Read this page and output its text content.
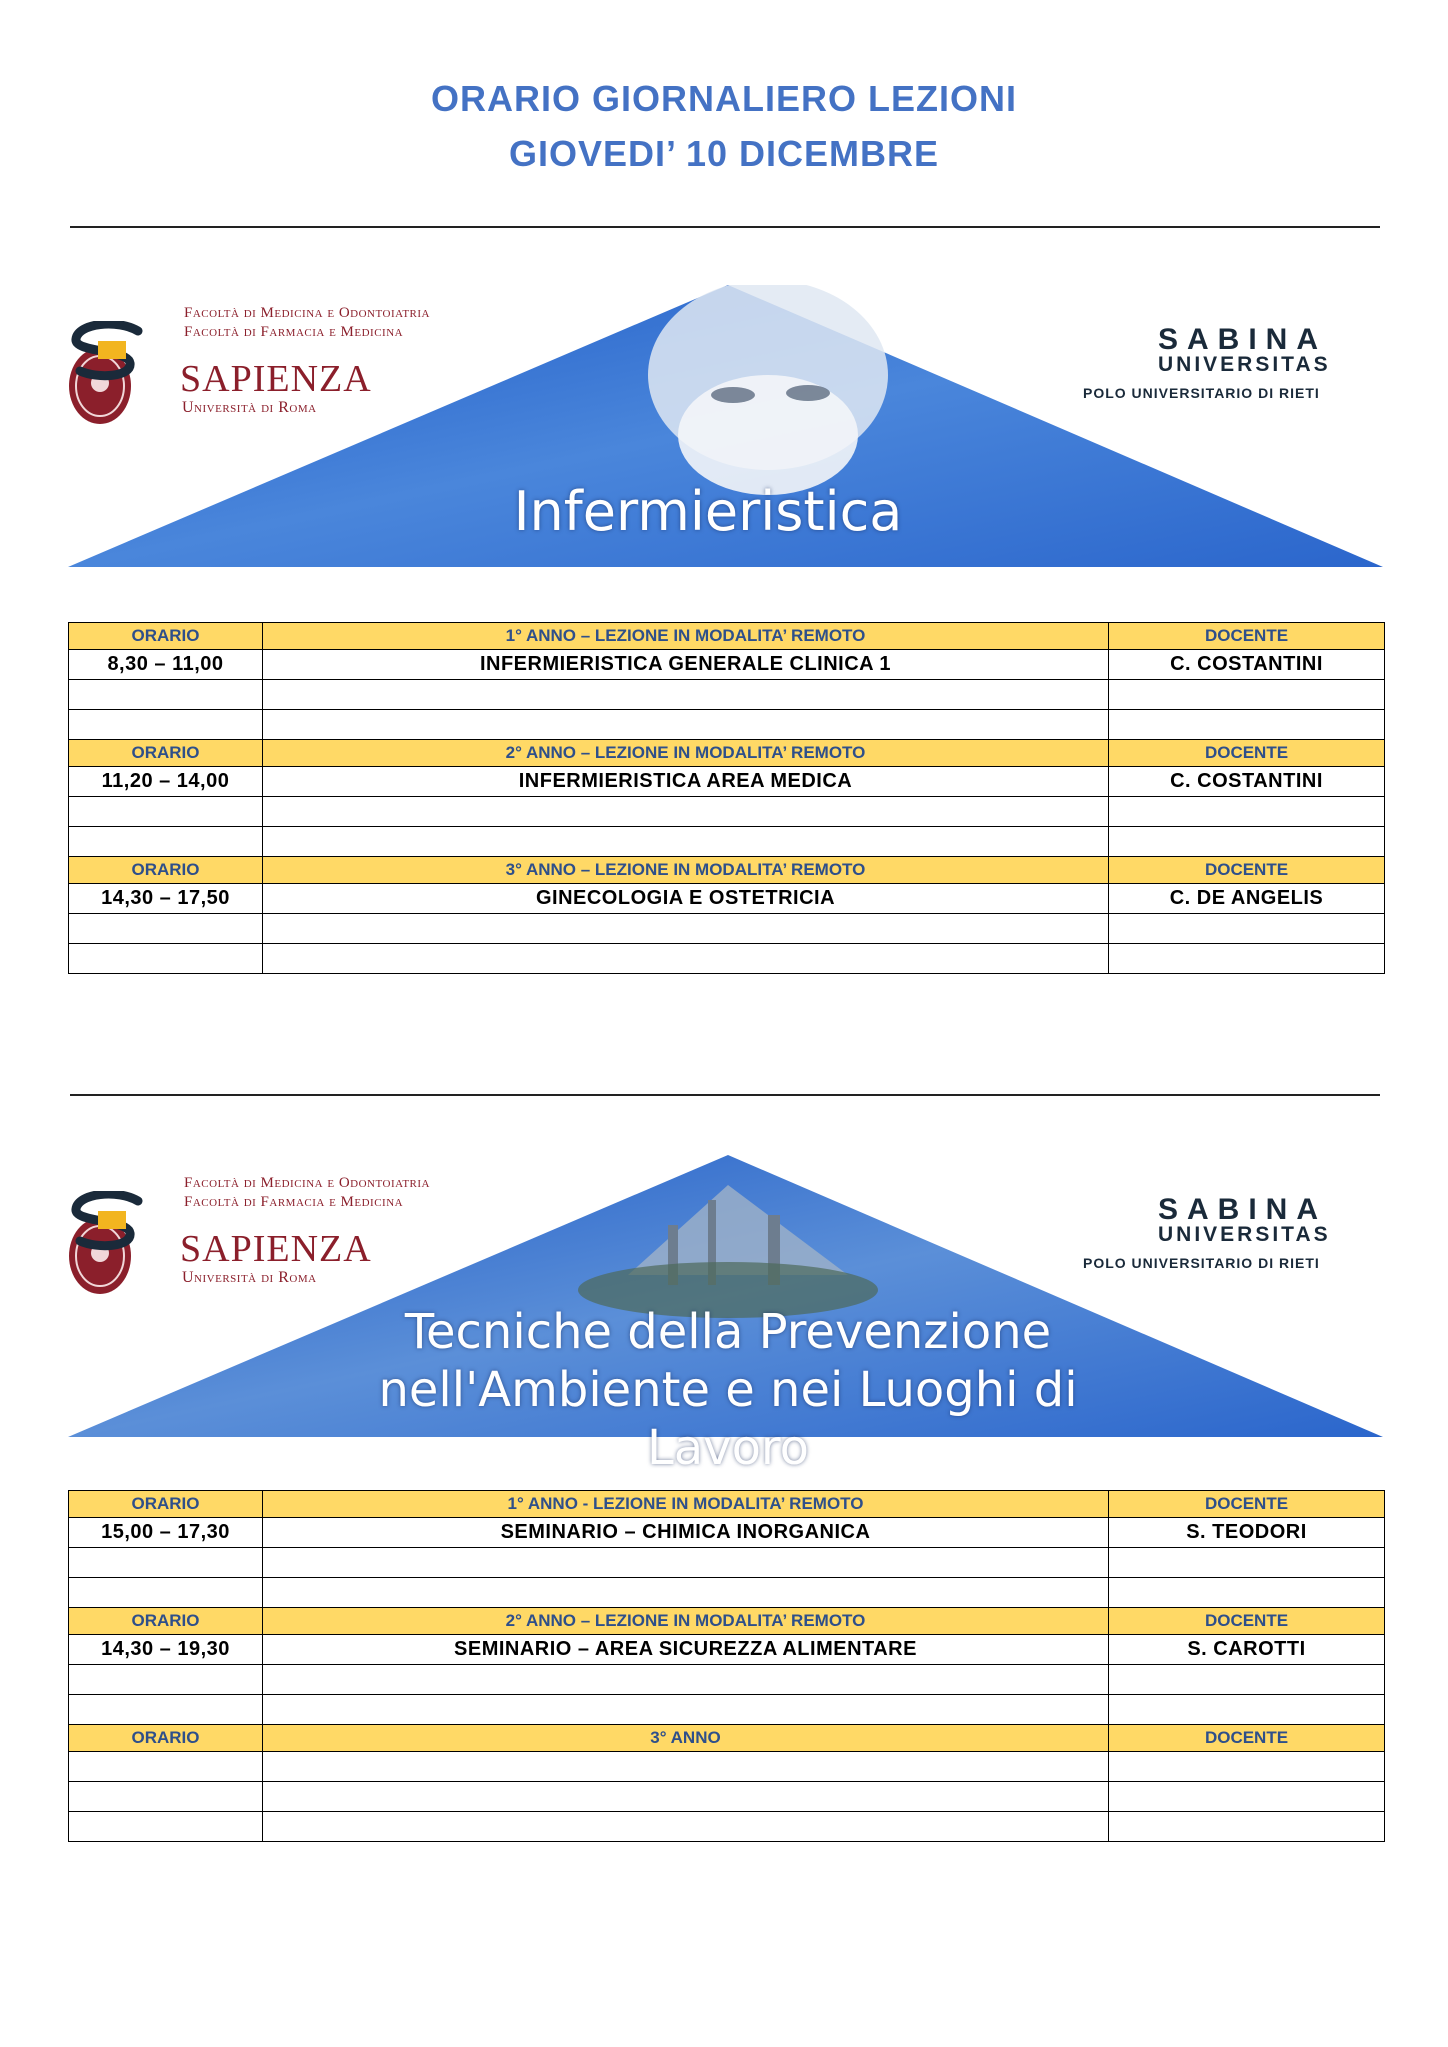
ORARIO GIORNALIERO LEZIONI
GIOVEDI’ 10 DICEMBRE
Facoltà di Medicina e Odontoiatria
Facoltà di Farmacia e Medicina
SAPIENZA
Università di Roma
SABINA
UNIVERSITAS
POLO UNIVERSITARIO DI RIETI
Infermieristica
ORARIO	1° ANNO – LEZIONE IN MODALITA’ REMOTO	DOCENTE
8,30 – 11,00	INFERMIERISTICA GENERALE CLINICA 1	C. COSTANTINI

ORARIO	2° ANNO – LEZIONE IN MODALITA’ REMOTO	DOCENTE
11,20 – 14,00	INFERMIERISTICA AREA MEDICA	C. COSTANTINI

ORARIO	3° ANNO – LEZIONE IN MODALITA’ REMOTO	DOCENTE
14,30 – 17,50	GINECOLOGIA E OSTETRICIA	C. DE ANGELIS

Facoltà di Medicina e Odontoiatria
Facoltà di Farmacia e Medicina
SAPIENZA
Università di Roma
SABINA
UNIVERSITAS
POLO UNIVERSITARIO DI RIETI
Tecniche della Prevenzione
nell'Ambiente e nei Luoghi di Lavoro
ORARIO	1° ANNO - LEZIONE IN MODALITA’ REMOTO	DOCENTE
15,00 – 17,30	SEMINARIO – CHIMICA INORGANICA	S. TEODORI

ORARIO	2° ANNO – LEZIONE IN MODALITA’ REMOTO	DOCENTE
14,30 – 19,30	SEMINARIO – AREA SICUREZZA ALIMENTARE	S. CAROTTI

ORARIO	3° ANNO	DOCENTE
